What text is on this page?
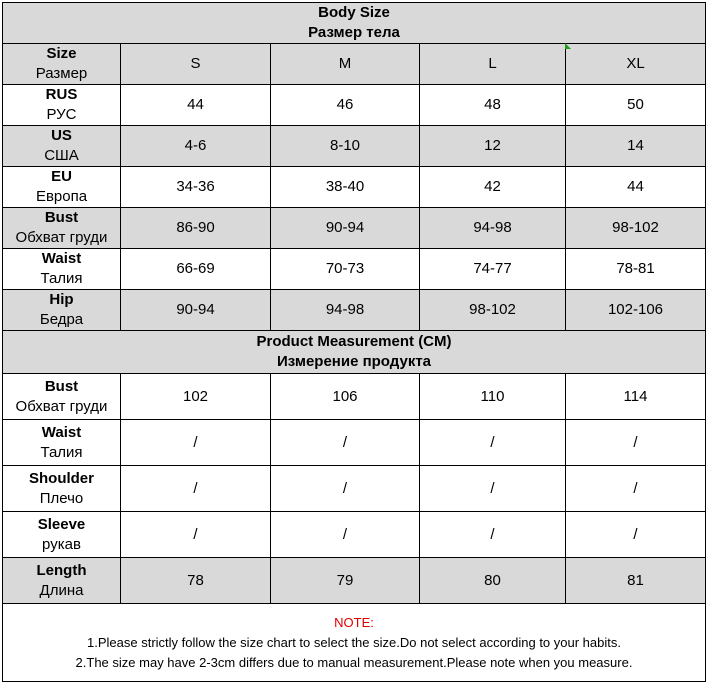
Body Size
Размер тела				

Size
Размер	S	M	L	XL

RUS
РУС	44	46	48	50

US
США	4-6	8-10	12	14

EU
Европа	34-36	38-40	42	44

Bust
Обхват груди	86-90	90-94	94-98	98-102

Waist
Талия	66-69	70-73	74-77	78-81

Hip
Бедра	90-94	94-98	98-102	102-106

Product Measurement (CM)
Измерение продукта				

Bust
Обхват груди	102	106	110	114

Waist
Талия	/	/	/	/

Shoulder
Плечо	/	/	/	/

Sleeve
рукав	/	/	/	/

Length
Длина	78	79	80	81

NOTE:
1.Please strictly follow the size chart to select the size.Do not select according to your habits.
2.The size may have 2-3cm differs due to manual measurement.Please note when you measure.				
